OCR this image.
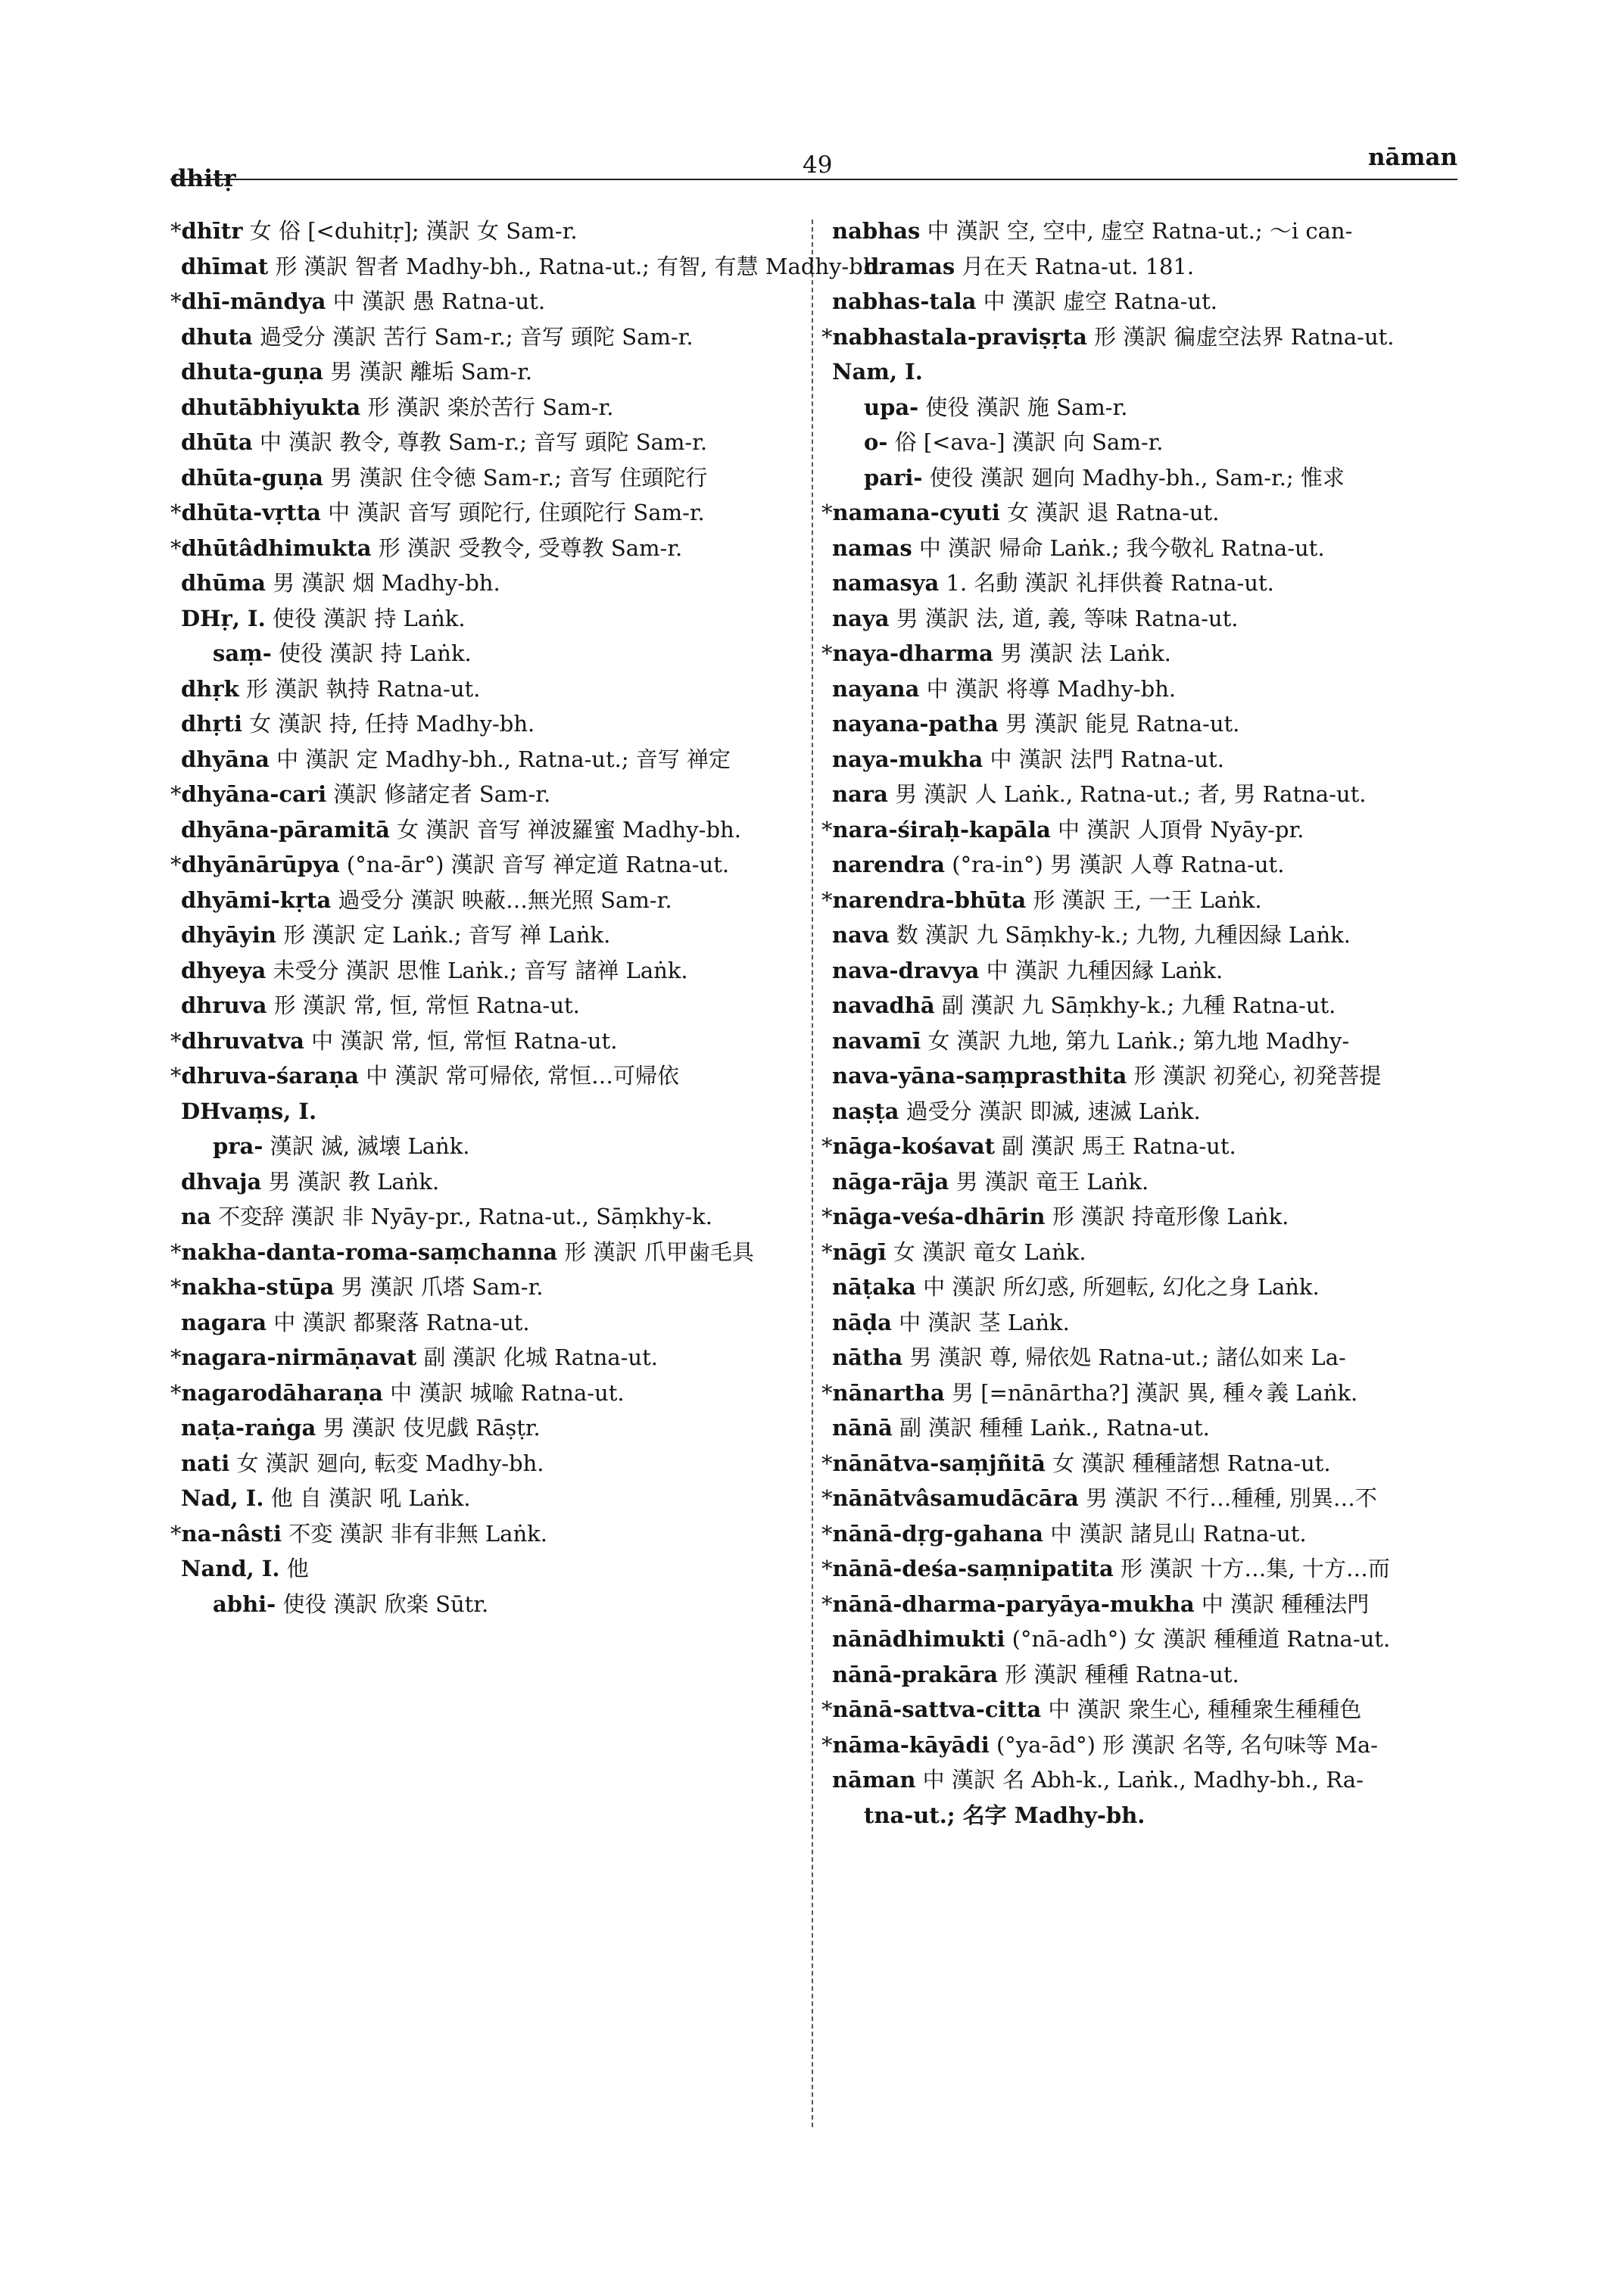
dhitṛ	49	nāman
*dhītr 女 俗 [<duhitṛ]; 漢訳 女 Sam-r.
dhīmat 形 漢訳 智者 Madhy-bh., Ratna-ut.; 有智, 有慧 Madhy-bh.
*dhī-māndya 中 漢訳 愚 Ratna-ut.
dhuta 過受分 漢訳 苦行 Sam-r.; 音写 頭陀 Sam-r.
dhuta-guṇa 男 漢訳 離垢 Sam-r.
dhutābhiyukta 形 漢訳 楽於苦行 Sam-r.
dhūta 中 漢訳 教令, 尊教 Sam-r.; 音写 頭陀 Sam-r.
dhūta-guṇa 男 漢訳 住令徳 Sam-r.; 音写 住頭陀行
*dhūta-vṛtta 中 漢訳 音写 頭陀行, 住頭陀行 Sam-r.
*dhūtâdhimukta 形 漢訳 受教令, 受尊教 Sam-r.
dhūma 男 漢訳 烟 Madhy-bh.
DHṛ, I. 使役 漢訳 持 Laṅk.
saṃ- 使役 漢訳 持 Laṅk.
dhṛk 形 漢訳 執持 Ratna-ut.
dhṛti 女 漢訳 持, 任持 Madhy-bh.
dhyāna 中 漢訳 定 Madhy-bh., Ratna-ut.; 音写 禅定
*dhyāna-cari 漢訳 修諸定者 Sam-r.
dhyāna-pāramitā 女 漢訳 音写 禅波羅蜜 Madhy-bh.
*dhyānārūpya (°na-ār°) 漢訳 音写 禅定道 Ratna-ut.
dhyāmi-kṛta 過受分 漢訳 映蔽…無光照 Sam-r.
dhyāyin 形 漢訳 定 Laṅk.; 音写 禅 Laṅk.
dhyeya 未受分 漢訳 思惟 Laṅk.; 音写 諸禅 Laṅk.
dhruva 形 漢訳 常, 恒, 常恒 Ratna-ut.
*dhruvatva 中 漢訳 常, 恒, 常恒 Ratna-ut.
*dhruva-śaraṇa 中 漢訳 常可帰依, 常恒…可帰依
DHvaṃs, I.
pra- 漢訳 滅, 滅壊 Laṅk.
dhvaja 男 漢訳 教 Laṅk.
na 不変辞 漢訳 非 Nyāy-pr., Ratna-ut., Sāṃkhy-k.
*nakha-danta-roma-saṃchanna 形 漢訳 爪甲歯毛具
*nakha-stūpa 男 漢訳 爪塔 Sam-r.
nagara 中 漢訳 都聚落 Ratna-ut.
*nagara-nirmāṇavat 副 漢訳 化城 Ratna-ut.
*nagarodāharaṇa 中 漢訳 城喩 Ratna-ut.
naṭa-raṅga 男 漢訳 伎児戯 Rāṣṭr.
nati 女 漢訳 廻向, 転変 Madhy-bh.
Nad, I. 他 自 漢訳 吼 Laṅk.
*na-nâsti 不変 漢訳 非有非無 Laṅk.
Nand, I. 他
abhi- 使役 漢訳 欣楽 Sūtr.
nabhas 中 漢訳 空, 空中, 虚空 Ratna-ut.; ～i can-
dramas 月在天 Ratna-ut. 181.
nabhas-tala 中 漢訳 虚空 Ratna-ut.
*nabhastala-praviṣṛta 形 漢訳 徧虚空法界 Ratna-ut.
Nam, I.
upa- 使役 漢訳 施 Sam-r.
o- 俗 [<ava-] 漢訳 向 Sam-r.
pari- 使役 漢訳 廻向 Madhy-bh., Sam-r.; 惟求
*namana-cyuti 女 漢訳 退 Ratna-ut.
namas 中 漢訳 帰命 Laṅk.; 我今敬礼 Ratna-ut.
namasya 1. 名動 漢訳 礼拝供養 Ratna-ut.
naya 男 漢訳 法, 道, 義, 等味 Ratna-ut.
*naya-dharma 男 漢訳 法 Laṅk.
nayana 中 漢訳 将導 Madhy-bh.
nayana-patha 男 漢訳 能見 Ratna-ut.
naya-mukha 中 漢訳 法門 Ratna-ut.
nara 男 漢訳 人 Laṅk., Ratna-ut.; 者, 男 Ratna-ut.
*nara-śiraḥ-kapāla 中 漢訳 人頂骨 Nyāy-pr.
narendra (°ra-in°) 男 漢訳 人尊 Ratna-ut.
*narendra-bhūta 形 漢訳 王, 一王 Laṅk.
nava 数 漢訳 九 Sāṃkhy-k.; 九物, 九種因緑 Laṅk.
nava-dravya 中 漢訳 九種因縁 Laṅk.
navadhā 副 漢訳 九 Sāṃkhy-k.; 九種 Ratna-ut.
navamī 女 漢訳 九地, 第九 Laṅk.; 第九地 Madhy-
nava-yāna-saṃprasthita 形 漢訳 初発心, 初発菩提
naṣṭa 過受分 漢訳 即滅, 速滅 Laṅk.
*nāga-kośavat 副 漢訳 馬王 Ratna-ut.
nāga-rāja 男 漢訳 竜王 Laṅk.
*nāga-veśa-dhārin 形 漢訳 持竜形像 Laṅk.
*nāgī 女 漢訳 竜女 Laṅk.
nāṭaka 中 漢訳 所幻惑, 所廻転, 幻化之身 Laṅk.
nāḍa 中 漢訳 茎 Laṅk.
nātha 男 漢訳 尊, 帰依処 Ratna-ut.; 諸仏如来 La-
*nānartha 男 [=nānārtha?] 漢訳 異, 種々義 Laṅk.
nānā 副 漢訳 種種 Laṅk., Ratna-ut.
*nānātva-saṃjñitā 女 漢訳 種種諸想 Ratna-ut.
*nānātvâsamudācāra 男 漢訳 不行…種種, 別異…不
*nānā-dṛg-gahana 中 漢訳 諸見山 Ratna-ut.
*nānā-deśa-saṃnipatita 形 漢訳 十方…集, 十方…而
*nānā-dharma-paryāya-mukha 中 漢訳 種種法門
nānādhimukti (°nā-adh°) 女 漢訳 種種道 Ratna-ut.
nānā-prakāra 形 漢訳 種種 Ratna-ut.
*nānā-sattva-citta 中 漢訳 衆生心, 種種衆生種種色
*nāma-kāyādi (°ya-ād°) 形 漢訳 名等, 名句味等 Ma-
nāman 中 漢訳 名 Abh-k., Laṅk., Madhy-bh., Ra-
tna-ut.; 名字 Madhy-bh.
